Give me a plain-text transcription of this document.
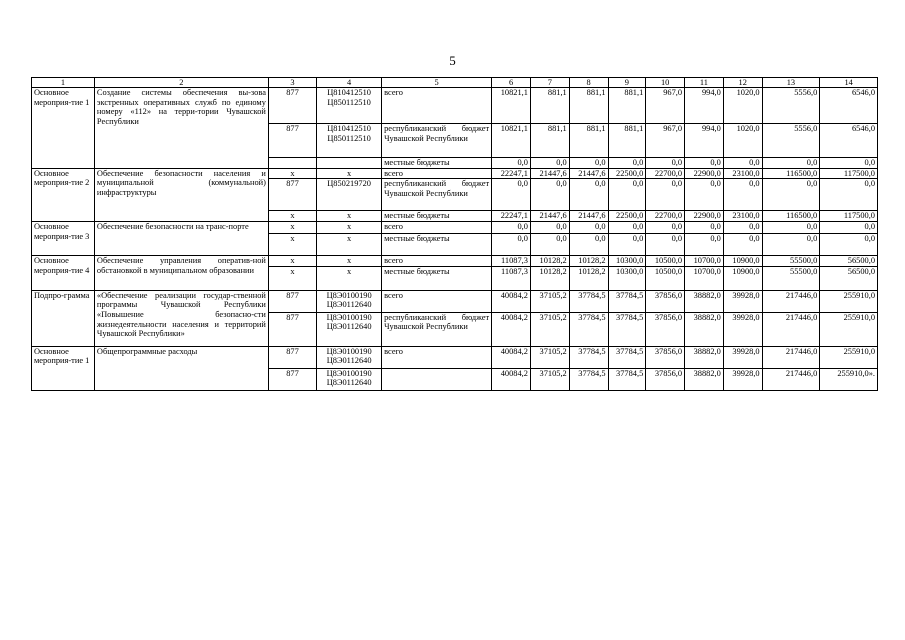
5
1	2	3	4	5	6	7	8	9	10	11	12	13	14
Основное мероприя-тие 1	Создание системы обеспечения вы-зова экстренных оперативных служб по единому номеру «112» на терри-тории Чувашской Республики	877	Ц810412510 Ц850112510	всего	10821,1	881,1	881,1	881,1	967,0	994,0	1020,0	5556,0	6546,0
		877	Ц810412510 Ц850112510	республиканский бюджет Чувашской Республики	10821,1	881,1	881,1	881,1	967,0	994,0	1020,0	5556,0	6546,0
				местные бюджеты	0,0	0,0	0,0	0,0	0,0	0,0	0,0	0,0	0,0
Основное мероприя-тие 2	Обеспечение безопасности населения и муниципальной (коммунальной) инфраструктуры	x	x	всего	22247,1	21447,6	21447,6	22500,0	22700,0	22900,0	23100,0	116500,0	117500,0
		877	Ц850219720	республиканский бюджет Чувашской Республики	0,0	0,0	0,0	0,0	0,0	0,0	0,0	0,0	0,0
		x	x	местные бюджеты	22247,1	21447,6	21447,6	22500,0	22700,0	22900,0	23100,0	116500,0	117500,0
Основное мероприя-тие 3	Обеспечение безопасности на транс-порте	x	x	всего	0,0	0,0	0,0	0,0	0,0	0,0	0,0	0,0	0,0
		x	x	местные бюджеты	0,0	0,0	0,0	0,0	0,0	0,0	0,0	0,0	0,0
Основное мероприя-тие 4	Обеспечение управления оператив-ной обстановкой в муниципальном образовании	x	x	всего	11087,3	10128,2	10128,2	10300,0	10500,0	10700,0	10900,0	55500,0	56500,0
		x	x	местные бюджеты	11087,3	10128,2	10128,2	10300,0	10500,0	10700,0	10900,0	55500,0	56500,0
Подпро-грамма	«Обеспечение реализации государ-ственной программы Чувашской Республики «Повышение безопасно-сти жизнедеятельности населения и территорий Чувашской Республики»	877	Ц8Э0100190 Ц8Э0112640	всего	40084,2	37105,2	37784,5	37784,5	37856,0	38882,0	39928,0	217446,0	255910,0
		877	Ц8Э0100190 Ц8Э0112640	республиканский бюджет Чувашской Республики	40084,2	37105,2	37784,5	37784,5	37856,0	38882,0	39928,0	217446,0	255910,0
Основное мероприя-тие 1	Общепрограммные расходы	877	Ц8Э0100190 Ц8Э0112640	всего	40084,2	37105,2	37784,5	37784,5	37856,0	38882,0	39928,0	217446,0	255910,0
		877	Ц8Э0100190 Ц8Э0112640		40084,2	37105,2	37784,5	37784,5	37856,0	38882,0	39928,0	217446,0	255910,0».
